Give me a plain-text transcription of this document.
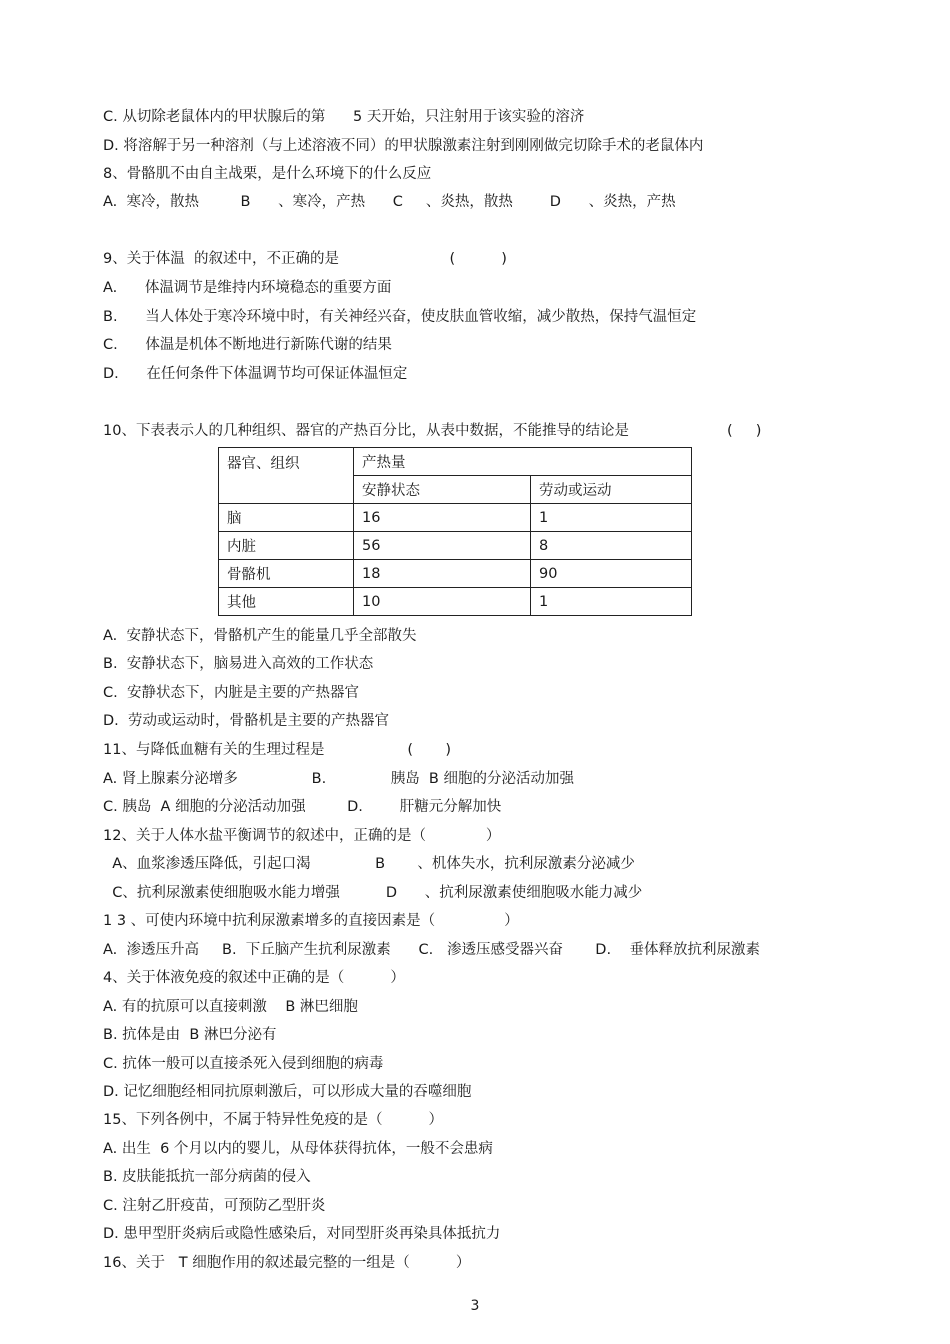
C. 从切除老鼠体内的甲状腺后的第      5 天开始，只注射用于该实验的溶济
D. 将溶解于另一种溶剂（与上述溶液不同）的甲状腺激素注射到刚刚做完切除手术的老鼠体内
8、骨骼肌不由自主战栗，是什么环境下的什么反应
A.  寒冷，散热         B      、寒冷，产热      C     、炎热，散热        D      、炎热，产热
9、关于体温  的叙述中，不正确的是                        (          )
A.      体温调节是维持内环境稳态的重要方面
B.      当人体处于寒冷环境中时，有关神经兴奋，使皮肤血管收缩，减少散热，保持气温恒定
C.      体温是机体不断地进行新陈代谢的结果
D.      在任何条件下体温调节均可保证体温恒定
10、下表表示人的几种组织、器官的产热百分比，从表中数据，不能推导的结论是	(     )
器官、组织	产热量	
	安静状态	劳动或运动
脑	16	1
内脏	56	8
骨骼机	18	90
其他	10	1
A.  安静状态下，骨骼机产生的能量几乎全部散失
B.  安静状态下，脑易进入高效的工作状态
C.  安静状态下，内脏是主要的产热器官
D.  劳动或运动时，骨骼机是主要的产热器官
11、与降低血糖有关的生理过程是                  (       )
A. 肾上腺素分泌增多                B.              胰岛  B 细胞的分泌活动加强
C. 胰岛  A 细胞的分泌活动加强         D.        肝糖元分解加快
12、关于人体水盐平衡调节的叙述中，正确的是（             ）
A、血浆渗透压降低，引起口渴              B       、机体失水，抗利尿激素分泌减少
C、抗利尿激素使细胞吸水能力增强          D      、抗利尿激素使细胞吸水能力减少
1 3 、可使内环境中抗利尿激素增多的直接因素是（               ）
A.  渗透压升高     B.  下丘脑产生抗利尿激素      C.   渗透压感受器兴奋       D.    垂体释放抗利尿激素
4、关于体液免疫的叙述中正确的是（          ）
A. 有的抗原可以直接刺激    B 淋巴细胞
B. 抗体是由  B 淋巴分泌有
C. 抗体一般可以直接杀死入侵到细胞的病毒
D. 记忆细胞经相同抗原刺激后，可以形成大量的吞噬细胞
15、下列各例中，不属于特异性免疫的是（          ）
A. 出生  6 个月以内的婴儿，从母体获得抗体，一般不会患病
B. 皮肤能抵抗一部分病菌的侵入
C. 注射乙肝疫苗，可预防乙型肝炎
D. 患甲型肝炎病后或隐性感染后，对同型肝炎再染具体抵抗力
16、关于   T 细胞作用的叙述最完整的一组是（          ）
3
